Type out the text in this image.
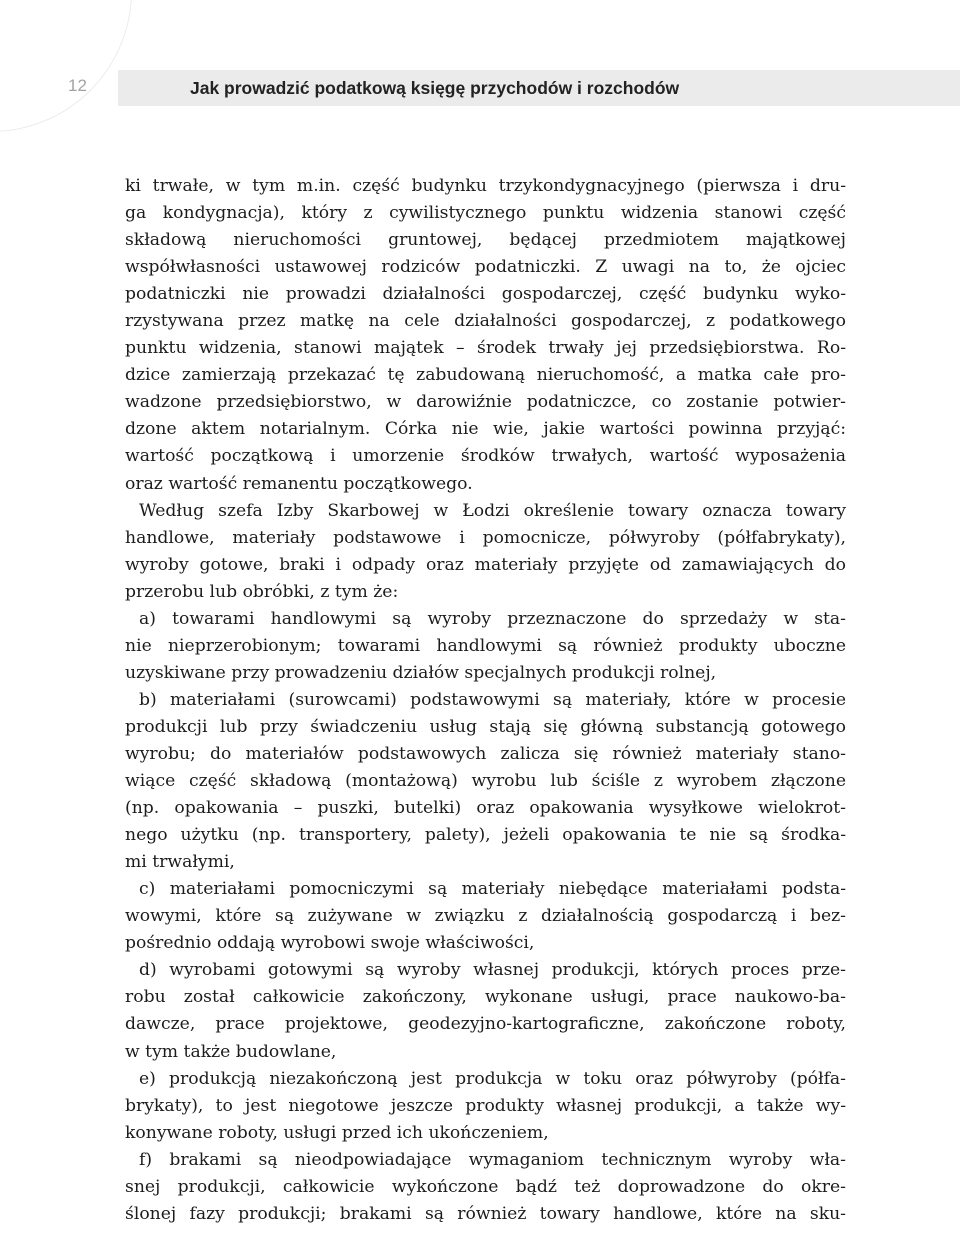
12	Jak prowadzić podatkową księgę przychodów i rozchodów
ki trwałe, w tym m.in. część budynku trzykondygnacyjnego (pierwsza i dru-
ga kondygnacja), który z cywilistycznego punktu widzenia stanowi część
składową nieruchomości gruntowej, będącej przedmiotem majątkowej
współwłasności ustawowej rodziców podatniczki. Z uwagi na to, że ojciec
podatniczki nie prowadzi działalności gospodarczej, część budynku wyko-
rzystywana przez matkę na cele działalności gospodarczej, z podatkowego
punktu widzenia, stanowi majątek – środek trwały jej przedsiębiorstwa. Ro-
dzice zamierzają przekazać tę zabudowaną nieruchomość, a matka całe pro-
wadzone przedsiębiorstwo, w darowiźnie podatniczce, co zostanie potwier-
dzone aktem notarialnym. Córka nie wie, jakie wartości powinna przyjąć:
wartość początkową i umorzenie środków trwałych, wartość wyposażenia
oraz wartość remanentu początkowego.
Według szefa Izby Skarbowej w Łodzi określenie towary oznacza towary
handlowe, materiały podstawowe i pomocnicze, półwyroby (półfabrykaty),
wyroby gotowe, braki i odpady oraz materiały przyjęte od zamawiających do
przerobu lub obróbki, z tym że:
a) towarami handlowymi są wyroby przeznaczone do sprzedaży w sta-
nie nieprzerobionym; towarami handlowymi są również produkty uboczne
uzyskiwane przy prowadzeniu działów specjalnych produkcji rolnej,
b) materiałami (surowcami) podstawowymi są materiały, które w procesie
produkcji lub przy świadczeniu usług stają się główną substancją gotowego
wyrobu; do materiałów podstawowych zalicza się również materiały stano-
wiące część składową (montażową) wyrobu lub ściśle z wyrobem złączone
(np. opakowania – puszki, butelki) oraz opakowania wysyłkowe wielokrot-
nego użytku (np. transportery, palety), jeżeli opakowania te nie są środka-
mi trwałymi,
c) materiałami pomocniczymi są materiały niebędące materiałami podsta-
wowymi, które są zużywane w związku z działalnością gospodarczą i bez-
pośrednio oddają wyrobowi swoje właściwości,
d) wyrobami gotowymi są wyroby własnej produkcji, których proces prze-
robu został całkowicie zakończony, wykonane usługi, prace naukowo-ba-
dawcze, prace projektowe, geodezyjno-kartograficzne, zakończone roboty,
w tym także budowlane,
e) produkcją niezakończoną jest produkcja w toku oraz półwyroby (półfa-
brykaty), to jest niegotowe jeszcze produkty własnej produkcji, a także wy-
konywane roboty, usługi przed ich ukończeniem,
f) brakami są nieodpowiadające wymaganiom technicznym wyroby wła-
snej produkcji, całkowicie wykończone bądź też doprowadzone do okre-
ślonej fazy produkcji; brakami są również towary handlowe, które na sku-
